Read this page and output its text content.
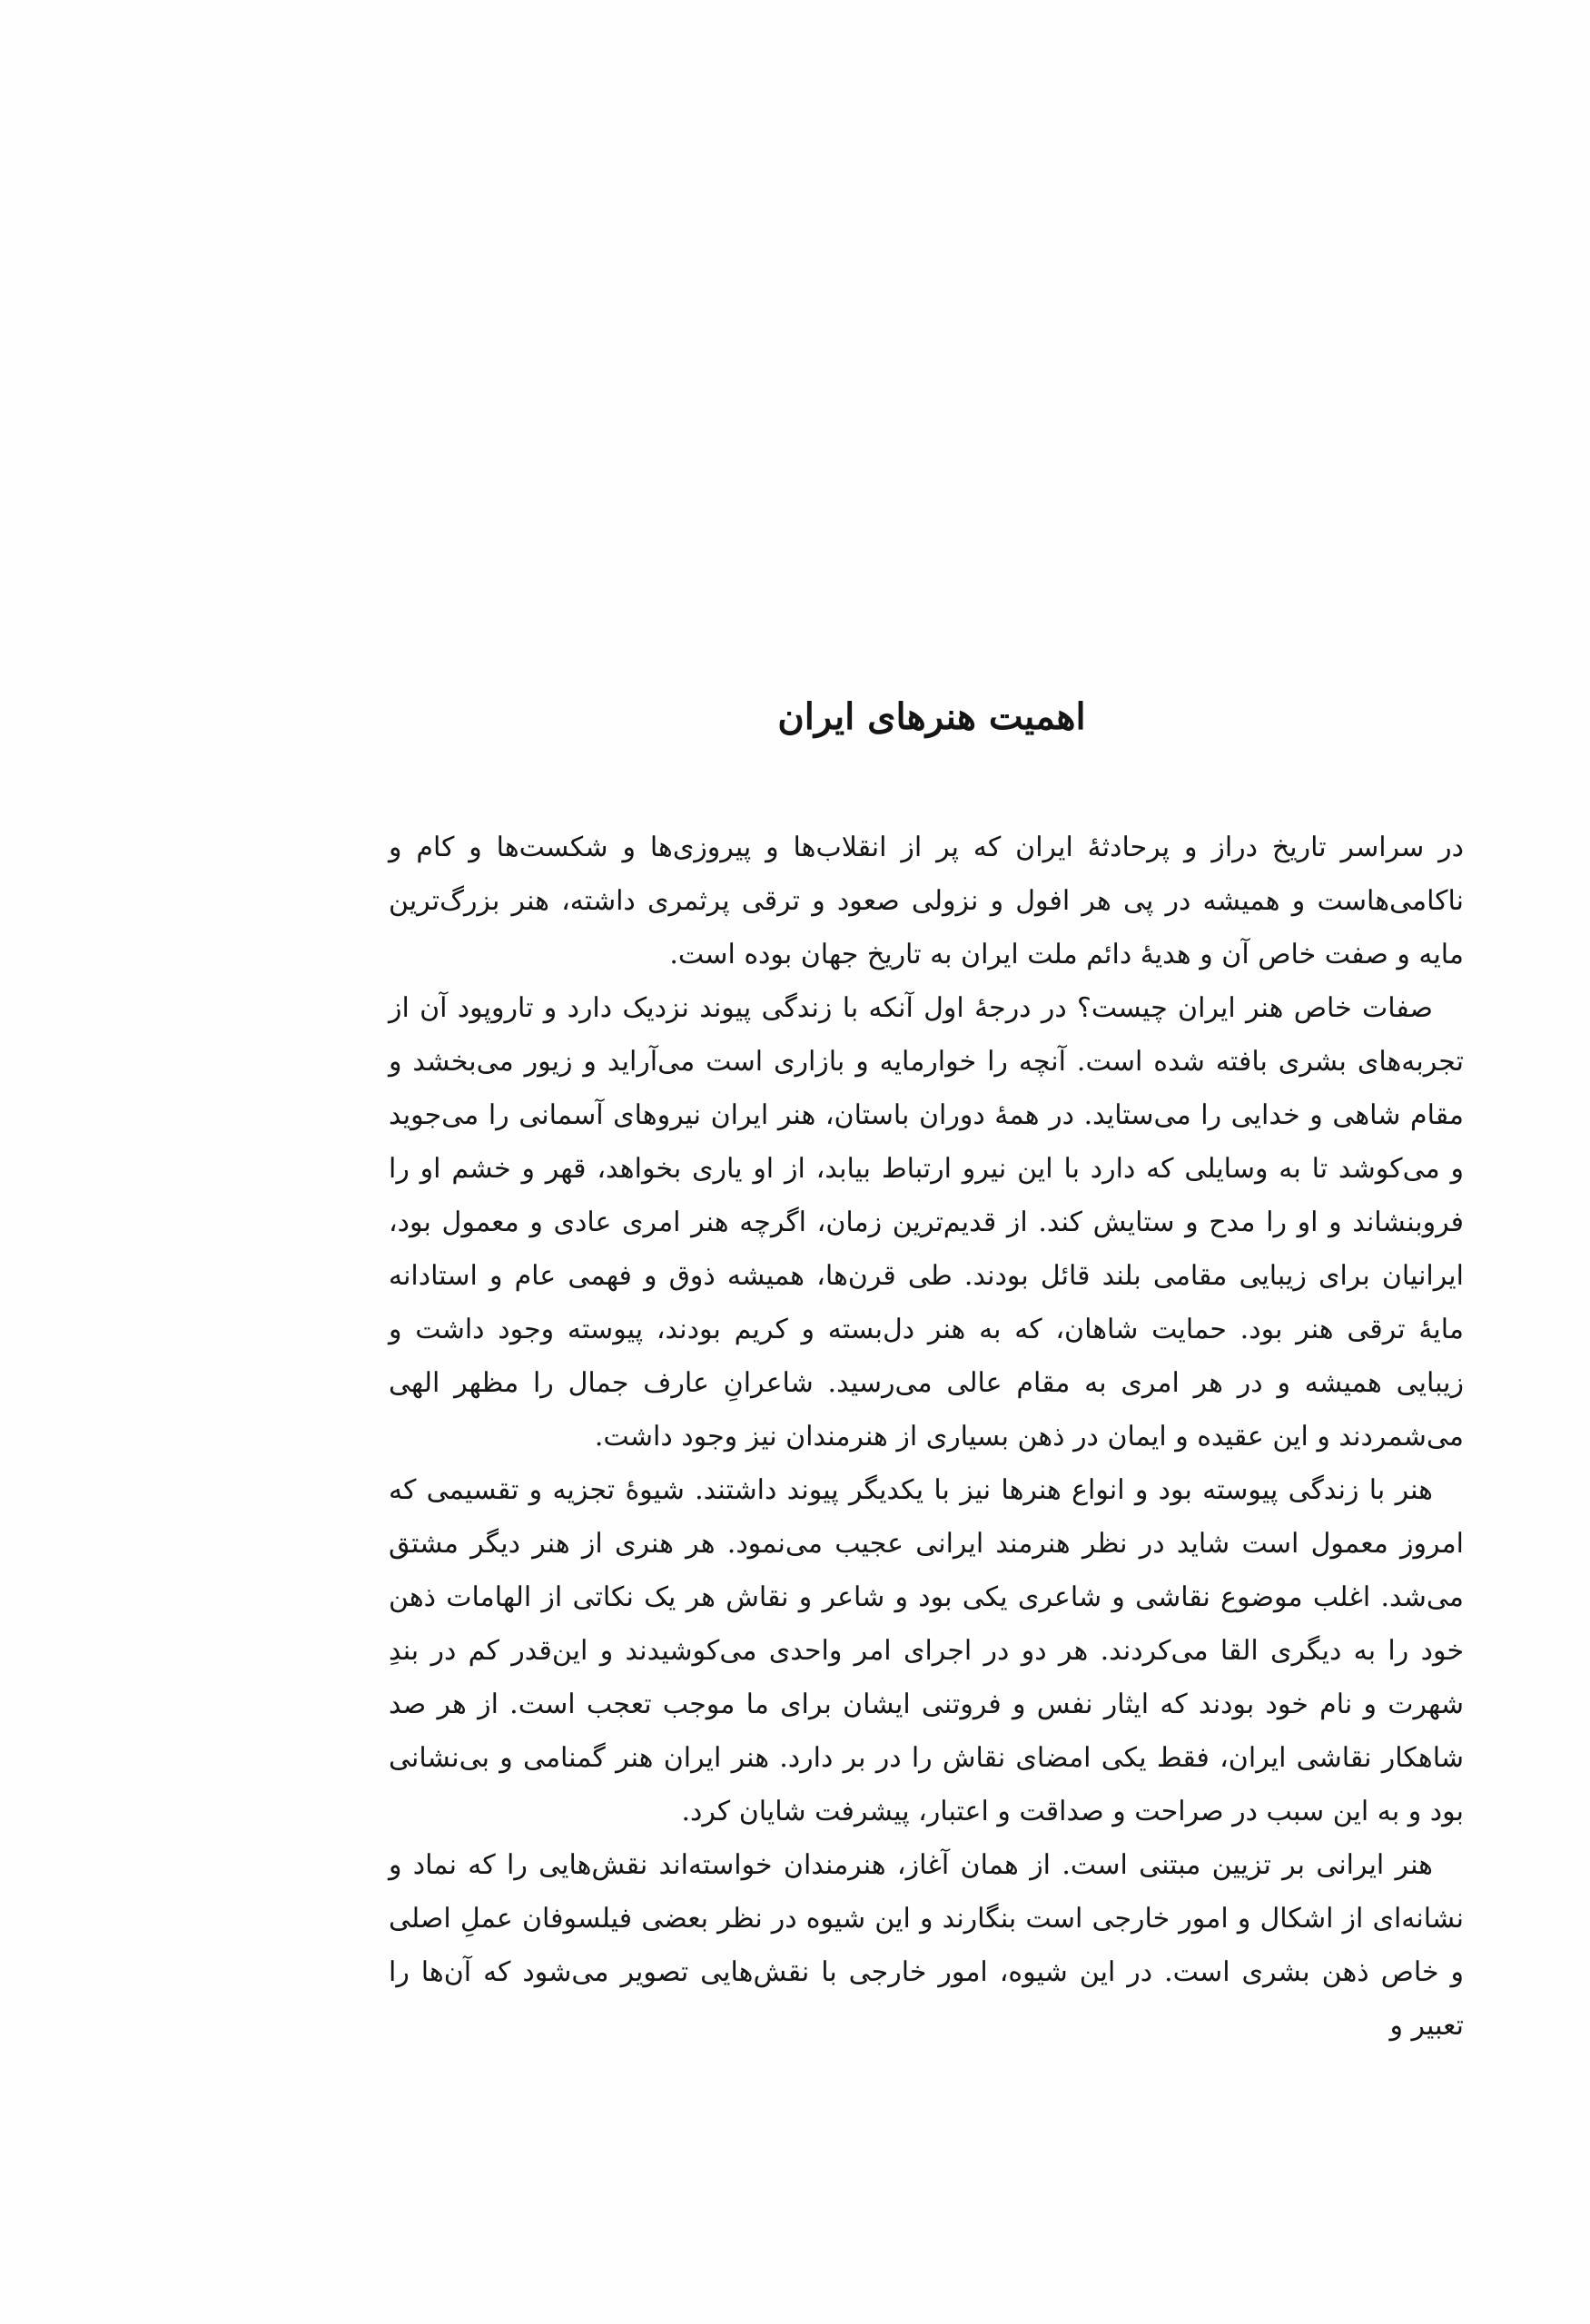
اهمیت هنرهای ایران

در سراسر تاریخ دراز و پرحادثهٔ ایران که پر از انقلاب‌ها و پیروزی‌ها و شکست‌ها و کام و ناکامی‌هاست و همیشه در پی هر افول و نزولی صعود و ترقی پرثمری داشته، هنر بزرگ‌ترین مایه و صفت خاص آن و هدیهٔ دائم ملت ایران به تاریخ جهان بوده است.

صفات خاص هنر ایران چیست؟ در درجهٔ اول آنکه با زندگی پیوند نزدیک دارد و تاروپود آن از تجربه‌های بشری بافته شده است. آنچه را خوارمایه و بازاری است می‌آراید و زیور می‌بخشد و مقام شاهی و خدایی را می‌ستاید. در همهٔ دوران باستان، هنر ایران نیروهای آسمانی را می‌جوید و می‌کوشد تا به وسایلی که دارد با این نیرو ارتباط بیابد، از او یاری بخواهد، قهر و خشم او را فروبنشاند و او را مدح و ستایش کند. از قدیم‌ترین زمان، اگرچه هنر امری عادی و معمول بود، ایرانیان برای زیبایی مقامی بلند قائل بودند. طی قرن‌ها، همیشه ذوق و فهمی عام و استادانه مایهٔ ترقی هنر بود. حمایت شاهان، که به هنر دل‌بسته و کریم بودند، پیوسته وجود داشت و زیبایی همیشه و در هر امری به مقام عالی می‌رسید. شاعرانِ عارف جمال را مظهر الهی می‌شمردند و این عقیده و ایمان در ذهن بسیاری از هنرمندان نیز وجود داشت.

هنر با زندگی پیوسته بود و انواع هنرها نیز با یکدیگر پیوند داشتند. شیوهٔ تجزیه و تقسیمی که امروز معمول است شاید در نظر هنرمند ایرانی عجیب می‌نمود. هر هنری از هنر دیگر مشتق می‌شد. اغلب موضوع نقاشی و شاعری یکی بود و شاعر و نقاش هر یک نکاتی از الهامات ذهن خود را به دیگری القا می‌کردند. هر دو در اجرای امر واحدی می‌کوشیدند و این‌قدر کم در بندِ شهرت و نام خود بودند که ایثار نفس و فروتنی ایشان برای ما موجب تعجب است. از هر صد شاهکار نقاشی ایران، فقط یکی امضای نقاش را در بر دارد. هنر ایران هنر گمنامی و بی‌نشانی بود و به این سبب در صراحت و صداقت و اعتبار، پیشرفت شایان کرد.

هنر ایرانی بر تزیین مبتنی است. از همان آغاز، هنرمندان خواسته‌اند نقش‌هایی را که نماد و نشانه‌ای از اشکال و امور خارجی است بنگارند و این شیوه در نظر بعضی فیلسوفان عملِ اصلی و خاص ذهن بشری است. در این شیوه، امور خارجی با نقش‌هایی تصویر می‌شود که آن‌ها را تعبیر و
